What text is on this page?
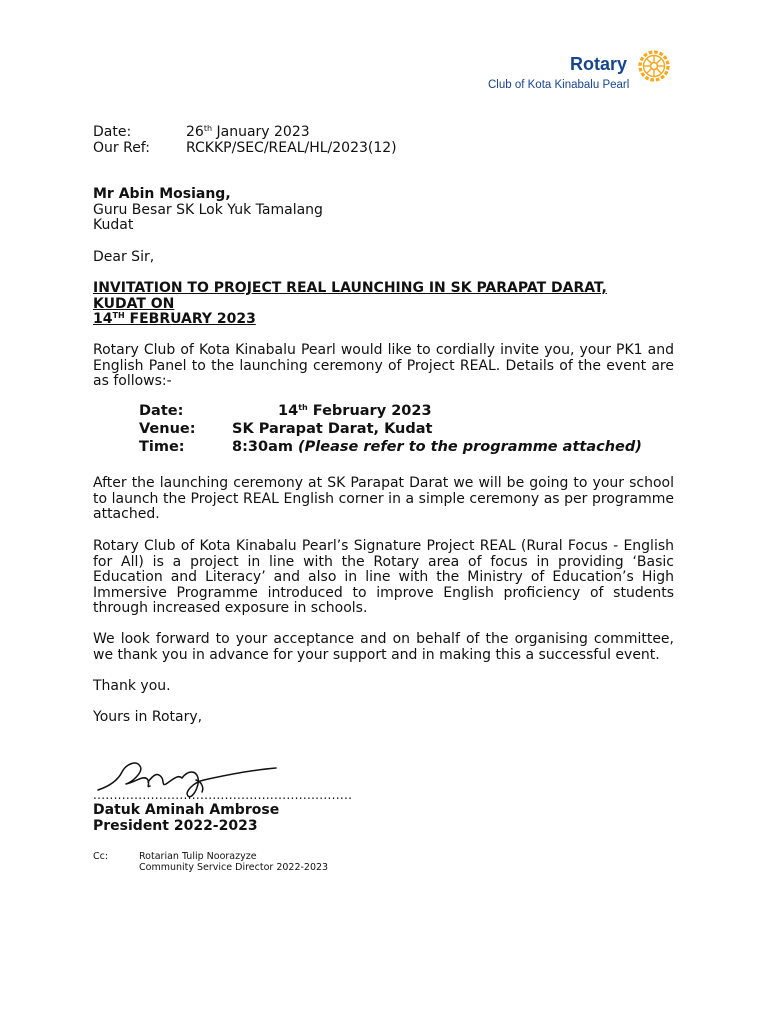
Rotary
Club of Kota Kinabalu Pearl
Date:	26th January 2023
Our Ref:	RCKKP/SEC/REAL/HL/2023(12)
Mr Abin Mosiang,
Guru Besar SK Lok Yuk Tamalang
Kudat
Dear Sir,
INVITATION TO PROJECT REAL LAUNCHING IN SK PARAPAT DARAT,
KUDAT ON
14TH FEBRUARY 2023
Rotary Club of Kota Kinabalu Pearl would like to cordially invite you, your PK1 and English Panel to the launching ceremony of Project REAL. Details of the event are as follows:-
Date:	14th February 2023
Venue:	SK Parapat Darat, Kudat
Time:	8:30am (Please refer to the programme attached)
After the launching ceremony at SK Parapat Darat we will be going to your school to launch the Project REAL English corner in a simple ceremony as per programme attached.
Rotary Club of Kota Kinabalu Pearl’s Signature Project REAL (Rural Focus - English for All) is a project in line with the Rotary area of focus in providing ‘Basic Education and Literacy’ and also in line with the Ministry of Education’s High Immersive Programme introduced to improve English proficiency of students through increased exposure in schools.
We look forward to your acceptance and on behalf of the organising committee, we thank you in advance for your support and in making this a successful event.
Thank you.
Yours in Rotary,
...............................................................
Datuk Aminah Ambrose
President 2022-2023
Cc:	Rotarian Tulip Noorazyze
Community Service Director 2022-2023
